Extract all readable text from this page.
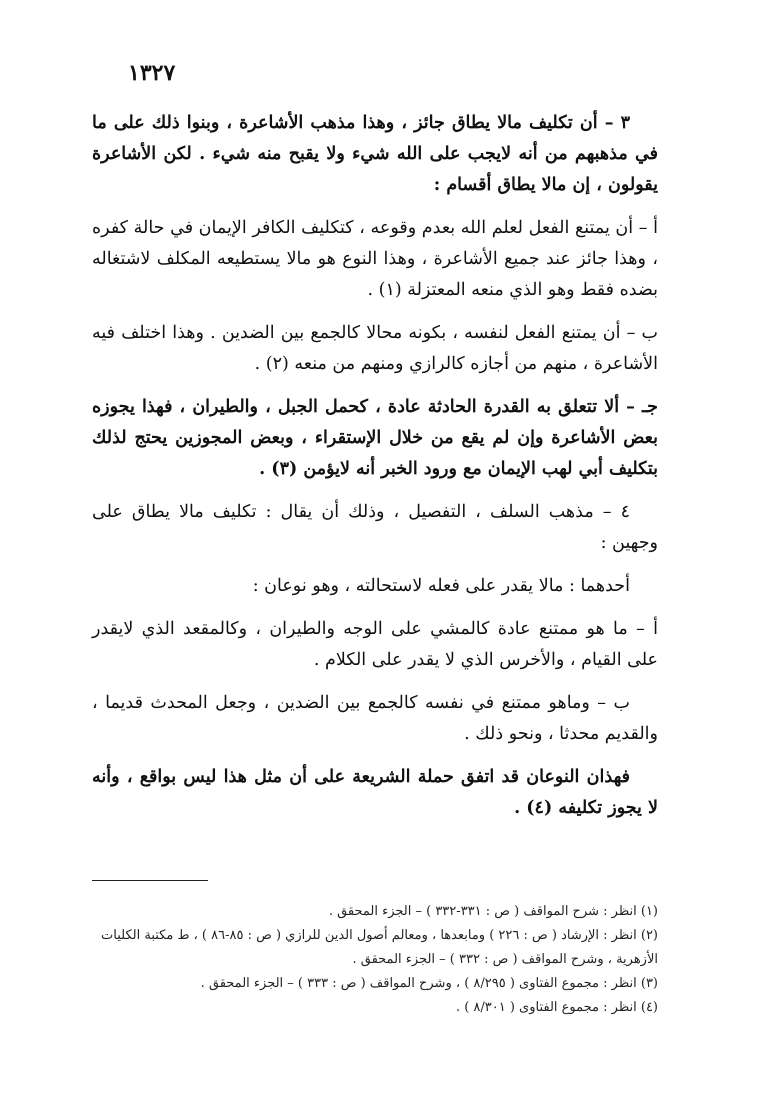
١٣٢٧

٣ – أن تكليف مالا يطاق جائز ، وهذا مذهب الأشاعرة ، وبنوا ذلك على ما في مذهبهم من أنه لايجب على الله شيء ولا يقبح منه شيء . لكن الأشاعرة يقولون ، إن مالا يطاق أقسام :

أ – أن يمتنع الفعل لعلم الله بعدم وقوعه ، كتكليف الكافر الإيمان في حالة كفره ، وهذا جائز عند جميع الأشاعرة ، وهذا النوع هو مالا يستطيعه المكلف لاشتغاله بضده فقط وهو الذي منعه المعتزلة (١) .

ب – أن يمتنع الفعل لنفسه ، بكونه محالا كالجمع بين الضدين . وهذا اختلف فيه الأشاعرة ، منهم من أجازه كالرازي ومنهم من منعه (٢) .

جـ – ألا تتعلق به القدرة الحادثة عادة ، كحمل الجبل ، والطيران ، فهذا يجوزه بعض الأشاعرة وإن لم يقع من خلال الإستقراء ، وبعض المجوزين يحتج لذلك بتكليف أبي لهب الإيمان مع ورود الخبر أنه لايؤمن (٣) .

٤ – مذهب السلف ، التفصيل ، وذلك أن يقال : تكليف مالا يطاق على وجهين :

أحدهما : مالا يقدر على فعله لاستحالته ، وهو نوعان :

أ – ما هو ممتنع عادة كالمشي على الوجه والطيران ، وكالمقعد الذي لايقدر على القيام ، والأخرس الذي لا يقدر على الكلام .

ب – وماهو ممتنع في نفسه كالجمع بين الضدين ، وجعل المحدث قديما ، والقديم محدثا ، ونحو ذلك .

فهذان النوعان قد اتفق حملة الشريعة على أن مثل هذا ليس بواقع ، وأنه لا يجوز تكليفه (٤) .

(١) انظر : شرح المواقف ( ص : ٣٣١-٣٣٢ ) – الجزء المحقق .

(٢) انظر : الإرشاد ( ص : ٢٢٦ ) ومابعدها ، ومعالم أصول الدين للرازي ( ص : ٨٥-٨٦ ) ، ط مكتبة الكليات الأزهرية ، وشرح المواقف ( ص : ٣٣٢ ) – الجزء المحقق .

(٣) انظر : مجموع الفتاوى ( ٨/٢٩٥ ) ، وشرح المواقف ( ص : ٣٣٣ ) – الجزء المحقق .

(٤) انظر : مجموع الفتاوى ( ٨/٣٠١ ) .
